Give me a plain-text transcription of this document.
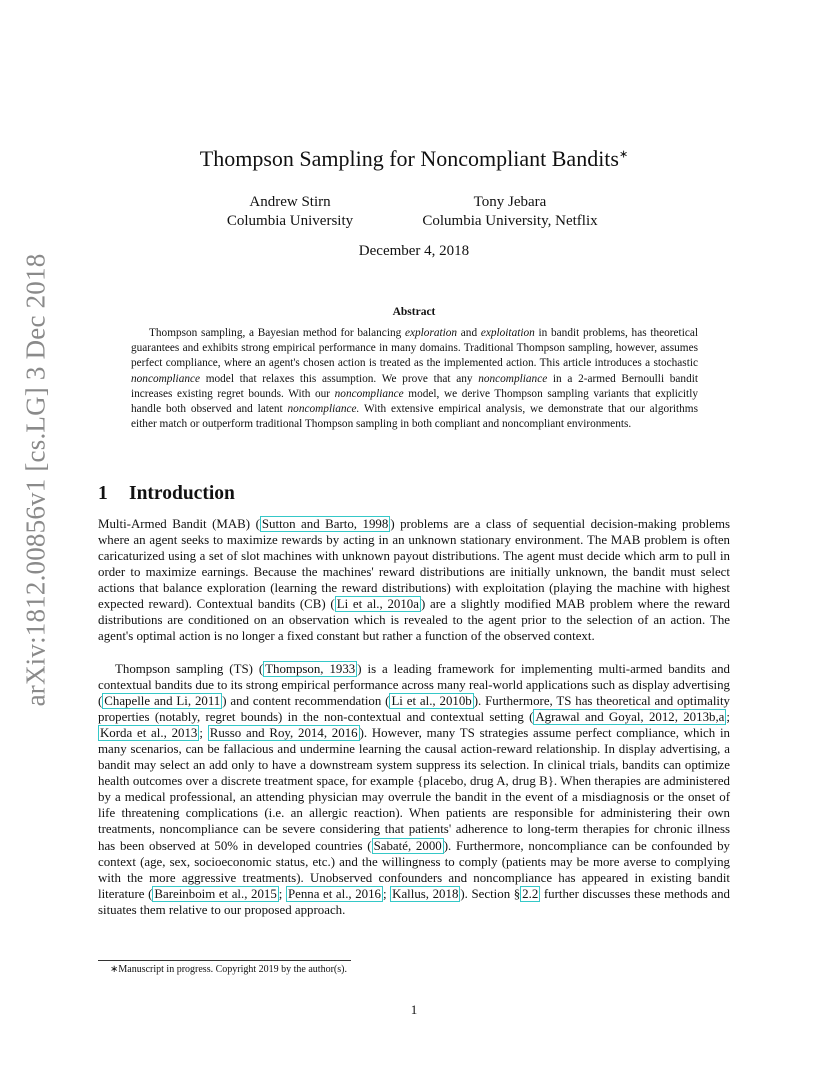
arXiv:1812.00856v1 [cs.LG] 3 Dec 2018
Thompson Sampling for Noncompliant Bandits∗
Andrew Stirn
Columbia University
Tony Jebara
Columbia University, Netflix
December 4, 2018
Abstract

Thompson sampling, a Bayesian method for balancing exploration and exploitation in bandit problems, has theoretical guarantees and exhibits strong empirical performance in many domains. Traditional Thompson sampling, however, assumes perfect compliance, where an agent's chosen action is treated as the implemented action. This article introduces a stochastic noncompliance model that relaxes this assumption. We prove that any noncompliance in a 2-armed Bernoulli bandit increases existing regret bounds. With our noncompliance model, we derive Thompson sampling variants that explicitly handle both observed and latent noncompliance. With extensive empirical analysis, we demonstrate that our algorithms either match or outperform traditional Thompson sampling in both compliant and noncompliant environments.

1 Introduction

Multi-Armed Bandit (MAB) ( Sutton and Barto, 1998 ) problems are a class of sequential decision-making problems where an agent seeks to maximize rewards by acting in an unknown stationary environment. The MAB problem is often caricaturized using a set of slot machines with unknown payout distributions. The agent must decide which arm to pull in order to maximize earnings. Because the machines' reward distributions are initially unknown, the bandit must select actions that balance exploration (learning the reward distributions) with exploitation (playing the machine with highest expected reward). Contextual bandits (CB) ( Li et al., 2010a ) are a slightly modified MAB problem where the reward distributions are conditioned on an observation which is revealed to the agent prior to the selection of an action. The agent's optimal action is no longer a fixed constant but rather a function of the observed context.

Thompson sampling (TS) ( Thompson, 1933 ) is a leading framework for implementing multi-armed bandits and contextual bandits due to its strong empirical performance across many real-world applications such as display advertising ( Chapelle and Li, 2011 ) and content recommendation ( Li et al., 2010b ). Furthermore, TS has theoretical and optimality properties (notably, regret bounds) in the non-contextual and contextual setting ( Agrawal and Goyal, 2012, 2013b,a ; Korda et al., 2013 ; Russo and Roy, 2014, 2016 ). However, many TS strategies assume perfect compliance, which in many scenarios, can be fallacious and undermine learning the causal action-reward relationship. In display advertising, a bandit may select an add only to have a downstream system suppress its selection. In clinical trials, bandits can optimize health outcomes over a discrete treatment space, for example {placebo, drug A, drug B}. When therapies are administered by a medical professional, an attending physician may overrule the bandit in the event of a misdiagnosis or the onset of life threatening complications (i.e. an allergic reaction). When patients are responsible for administering their own treatments, noncompliance can be severe considering that patients' adherence to long-term therapies for chronic illness has been observed at 50% in developed countries ( Sabaté, 2000 ). Furthermore, noncompliance can be confounded by context (age, sex, socioeconomic status, etc.) and the willingness to comply (patients may be more averse to complying with the more aggressive treatments). Unobserved confounders and noncompliance has appeared in existing bandit literature ( Bareinboim et al., 2015 ; Penna et al., 2016 ; Kallus, 2018 ). Section § 2.2 further discusses these methods and situates them relative to our proposed approach.

∗Manuscript in progress. Copyright 2019 by the author(s).
1
